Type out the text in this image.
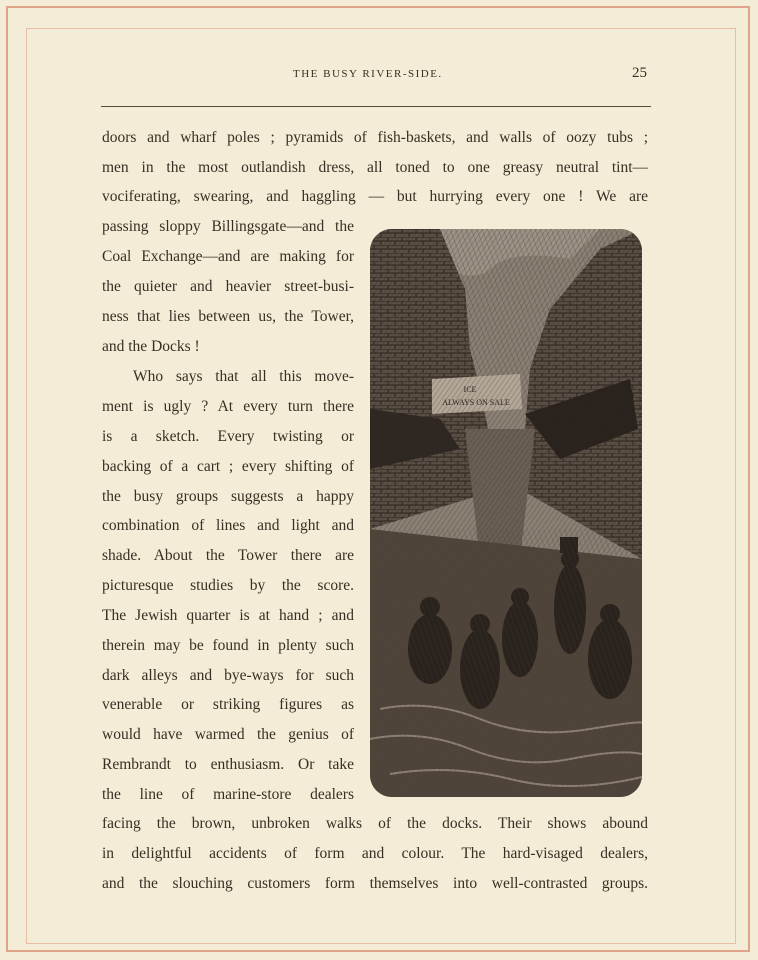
THE BUSY RIVER-SIDE.	25
doors and wharf poles ; pyramids of fish-baskets, and walls of oozy tubs ;
men in the most outlandish dress, all toned to one greasy neutral tint—
vociferating, swearing, and haggling — but hurrying every one ! We are
passing sloppy Billingsgate—and the
Coal Exchange—and are making for
the quieter and heavier street-busi-
ness that lies between us, the Tower,
and the Docks !
Who says that all this move-
ment is ugly ? At every turn there
is a sketch. Every twisting or
backing of a cart ; every shifting of
the busy groups suggests a happy
combination of lines and light and
shade. About the Tower there are
picturesque studies by the score.
The Jewish quarter is at hand ; and
therein may be found in plenty such
dark alleys and bye-ways for such
venerable or striking figures as
would have warmed the genius of
Rembrandt to enthusiasm. Or take
the line of marine-store dealers
facing the brown, unbroken walks of the docks. Their shows abound
in delightful accidents of form and colour. The hard-visaged dealers,
and the slouching customers form themselves into well-contrasted groups.
ICE
ALWAYS ON SALE
